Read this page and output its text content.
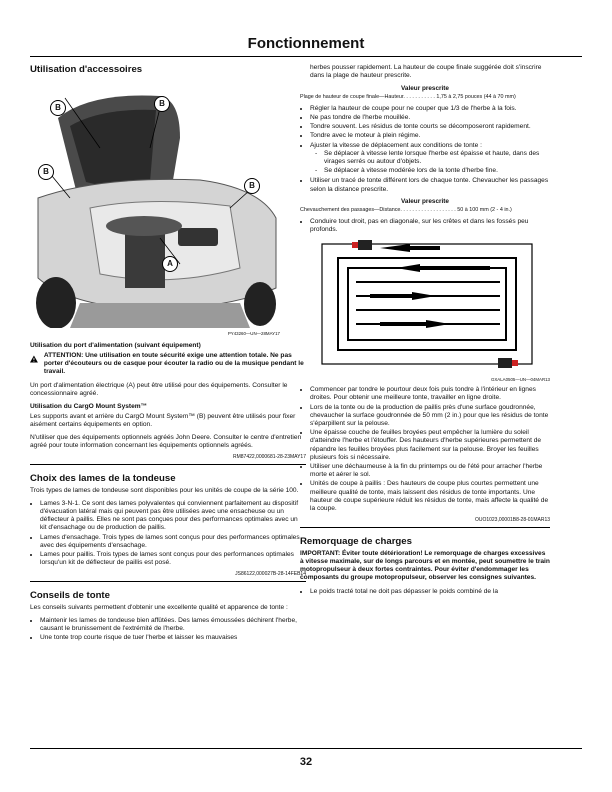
Fonctionnement
Utilisation d'accessoires
B	B
A
B
B
PY43260—UN—28MAY17
Utilisation du port d'alimentation (suivant équipement)
ATTENTION: Une utilisation en toute sécurité exige une attention totale. Ne pas porter d'écouteurs ou de casque pour écouter la radio ou de la musique pendant le travail.

Un port d'alimentation électrique (A) peut être utilisé pour des équipements. Consulter le concessionnaire agréé.

Utilisation du CargO Mount System™

Les supports avant et arrière du CargO Mount System™ (B) peuvent être utilisés pour fixer aisément certains équipements en option.

N'utiliser que des équipements optionnels agréés John Deere. Consulter le centre d'entretien agréé pour toute information concernant les équipements optionnels agréés.

RM87422,0000681-28-23MAY17
Choix des lames de la tondeuse

Trois types de lames de tondeuse sont disponibles pour les unités de coupe de la série 100.

• Lames 3-N-1. Ce sont des lames polyvalentes qui conviennent parfaitement au dispositif d'évacuation latéral mais qui peuvent pas être utilisées avec une ensacheuse ou un déflecteur à paillis. Elles ne sont pas conçues pour des performances optimales avec un kit d'ensachage ou de production de paillis.
• Lames d'ensachage. Trois types de lames sont conçus pour des performances optimales avec des équipements d'ensachage.
• Lames pour paillis. Trois types de lames sont conçus pour des performances optimales lorsqu'un kit de déflecteur de paillis est posé.
JS86122,000027B-28-14FEB14
Conseils de tonte

Les conseils suivants permettent d'obtenir une excellente qualité et apparence de tonte :

• Maintenir les lames de tondeuse bien affûtées. Des lames émoussées déchirent l'herbe, causant le brunissement de l'extrémité de l'herbe.
• Une tonte trop courte risque de tuer l'herbe et laisser les mauvaises

herbes pousser rapidement. La hauteur de coupe finale suggérée doit s'inscrire dans la plage de hauteur prescrite.

Valeur prescrite
Plage de hauteur de coupe finale—Hauteur. . . . . . . . . . . 1,75 à 2,75 pouces (44 à 70 mm)
• Régler la hauteur de coupe pour ne couper que 1/3 de l'herbe à la fois.
• Ne pas tondre de l'herbe mouillée.
• Tondre souvent. Les résidus de tonte courts se décomposeront rapidement.
• Tondre avec le moteur à plein régime.
• Ajuster la vitesse de déplacement aux conditions de tonte :
- Se déplacer à vitesse lente lorsque l'herbe est épaisse et haute, dans des virages serrés ou autour d'objets.
- Se déplacer à vitesse modérée lors de la tonte d'herbe fine.
• Utiliser un tracé de tonte différent lors de chaque tonte. Chevaucher les passages selon la distance prescrite.
Valeur prescrite
Chevauchement des passages—Distance. . . . . . . . . . . . . . . . . . . 50 à 100 mm (2 - 4 in.)
• Conduire tout droit, pas en diagonale, sur les crêtes et dans les fossés peu profonds.
GXALA0505—UN—04MAR13
• Commencer par tondre le pourtour deux fois puis tondre à l'intérieur en lignes droites. Pour obtenir une meilleure tonte, travailler en ligne droite.
• Lors de la tonte ou de la production de paillis près d'une surface goudronnée, chevaucher la surface goudronnée de 50 mm (2 in.) pour que les résidus de tonte s'éparpillent sur la pelouse.
• Une épaisse couche de feuilles broyées peut empêcher la lumière du soleil d'atteindre l'herbe et l'étouffer. Des hauteurs d'herbe supérieures permettent de répandre les feuilles broyées plus facilement sur la pelouse. Broyer les feuilles plusieurs fois si nécessaire.
• Utiliser une déchaumeuse à la fin du printemps ou de l'été pour arracher l'herbe morte et aérer le sol.
• Unités de coupe à paillis : Des hauteurs de coupe plus courtes permettent une meilleure qualité de tonte, mais laissent des résidus de tonte importants. Une hauteur de coupe supérieure réduit les résidus de tonte, mais affecte la qualité de la coupe.
OUO1023,00001B8-28-01MAR13
Remorquage de charges
IMPORTANT: Éviter toute détérioration! Le remorquage de charges excessives à vitesse maximale, sur de longs parcours et en montée, peut soumettre le train motopropulseur à deux fortes contraintes. Pour éviter d'endommager les composants du groupe motopropulseur, observer les consignes suivantes.
• Le poids tracté total ne doit pas dépasser le poids combiné de la
32
